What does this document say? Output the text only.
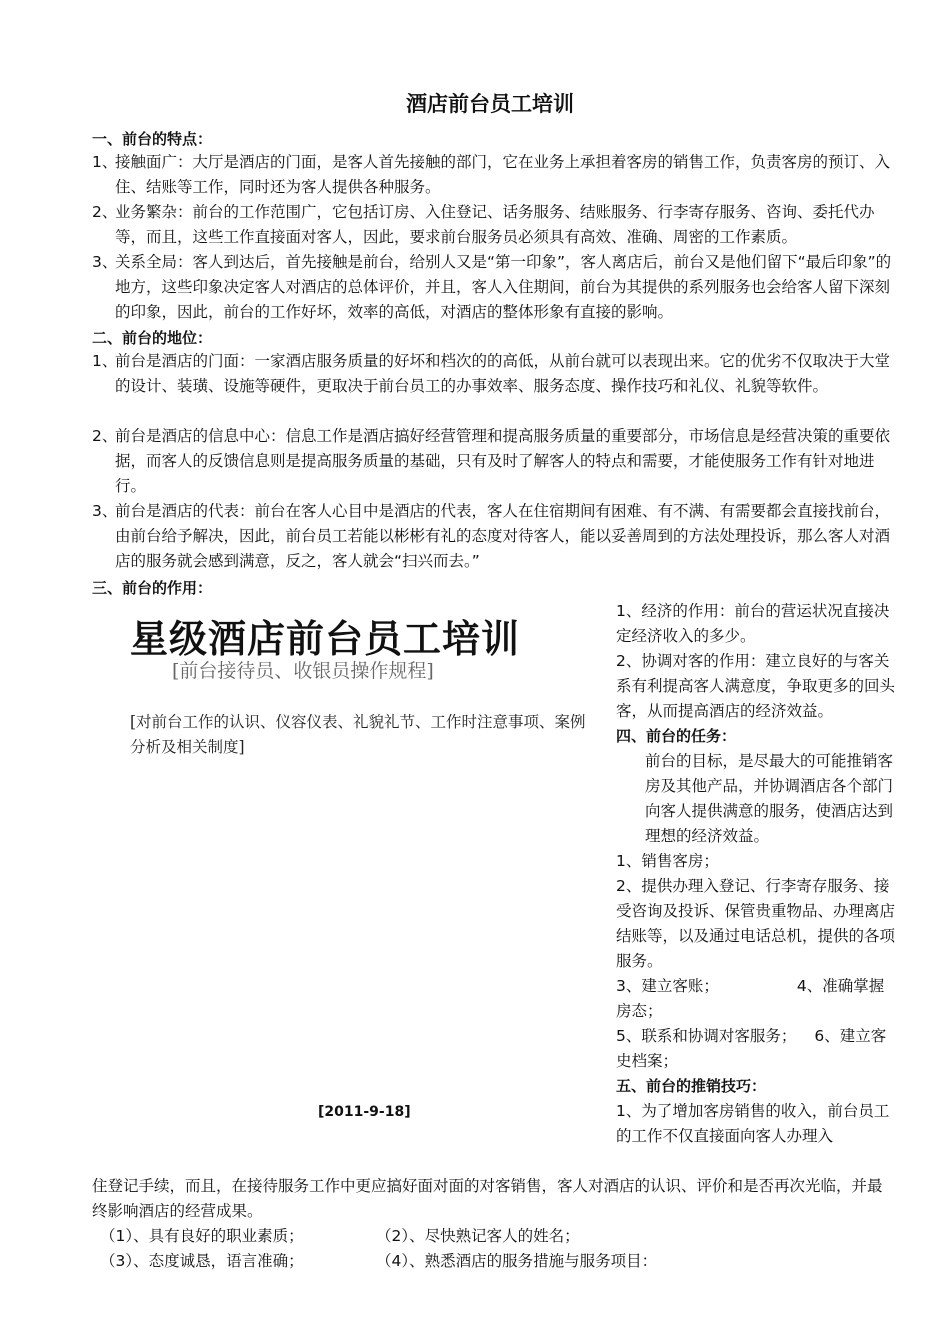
酒店前台员工培训
一、前台的特点：
1、
接触面广：大厅是酒店的门面，是客人首先接触的部门，它在业务上承担着客房的销售工作，负责客房的预订、入住、结账等工作，同时还为客人提供各种服务。
2、
业务繁杂：前台的工作范围广，它包括订房、入住登记、话务服务、结账服务、行李寄存服务、咨询、委托代办等，而且，这些工作直接面对客人，因此，要求前台服务员必须具有高效、准确、周密的工作素质。
3、
关系全局：客人到达后，首先接触是前台，给别人又是“第一印象”，客人离店后，前台又是他们留下“最后印象”的地方，这些印象决定客人对酒店的总体评价，并且，客人入住期间，前台为其提供的系列服务也会给客人留下深刻的印象，因此，前台的工作好坏，效率的高低，对酒店的整体形象有直接的影响。
二、前台的地位：
1、
前台是酒店的门面：一家酒店服务质量的好坏和档次的的高低，从前台就可以表现出来。它的优劣不仅取决于大堂的设计、装璜、设施等硬件，更取决于前台员工的办事效率、服务态度、操作技巧和礼仪、礼貌等软件。
2、
前台是酒店的信息中心：信息工作是酒店搞好经营管理和提高服务质量的重要部分，市场信息是经营决策的重要依据，而客人的反馈信息则是提高服务质量的基础，只有及时了解客人的特点和需要，才能使服务工作有针对地进行。
3、
前台是酒店的代表：前台在客人心目中是酒店的代表，客人在住宿期间有困难、有不满、有需要都会直接找前台，由前台给予解决，因此，前台员工若能以彬彬有礼的态度对待客人，能以妥善周到的方法处理投诉，那么客人对酒店的服务就会感到满意，反之，客人就会“扫兴而去。”
三、前台的作用：
星级酒店前台员工培训
[前台接待员、收银员操作规程]
[对前台工作的认识、仪容仪表、礼貌礼节、工作时注意事项、案例分析及相关制度]
[2011-9-18]

1、经济的作用：前台的营运状况直接决定经济收入的多少。

2、协调对客的作用：建立良好的与客关系有利提高客人满意度，争取更多的回头客，从而提高酒店的经济效益。

四、前台的任务：

前台的目标，是尽最大的可能推销客房及其他产品，并协调酒店各个部门向客人提供满意的服务，使酒店达到理想的经济效益。

1、销售客房；

2、提供办理入登记、行李寄存服务、接受咨询及投诉、保管贵重物品、办理离店结账等，以及通过电话总机，提供的各项服务。

3、建立客账；	4、准确掌握房态；

5、联系和协调对客服务； 6、建立客史档案；

五、前台的推销技巧：

1、为了增加客房销售的收入，前台员工的工作不仅直接面向客人办理入

住登记手续，而且，在接待服务工作中更应搞好面对面的对客销售，客人对酒店的认识、评价和是否再次光临，并最终影响酒店的经营成果。
（1）、具有良好的职业素质；	（2）、尽快熟记客人的姓名；
（3）、态度诚恳，语言准确；	（4）、熟悉酒店的服务措施与服务项目：
